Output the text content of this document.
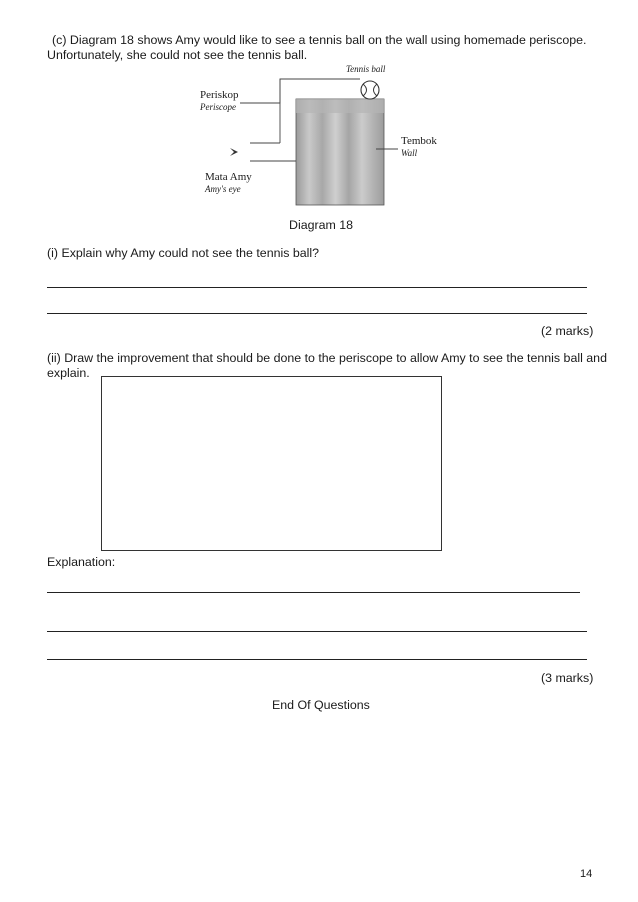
(c) Diagram 18 shows Amy would like to see a tennis ball on the wall using homemade periscope.
Unfortunately, she could not see the tennis ball.
Tennis ball
Periskop
Periscope
Tembok
Wall
Mata Amy
Amy's eye
Diagram 18
(i) Explain why Amy could not see the tennis ball?
(2 marks)
(ii) Draw the improvement that should be done to the periscope to allow Amy to see the tennis ball and
explain.
Explanation:
(3 marks)
End Of Questions
14
